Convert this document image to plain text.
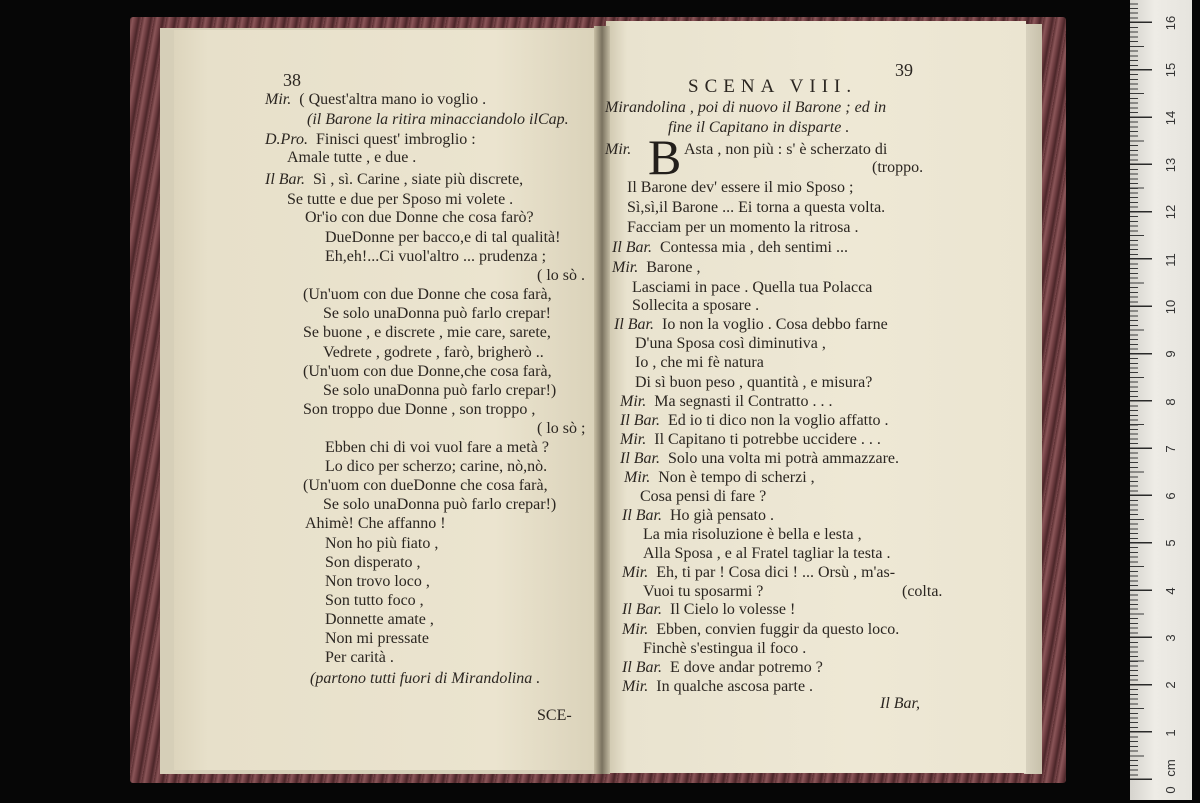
38
Mir. ( Quest'altra mano io voglio .
(il Barone la ritira minacciandolo ilCap.
D.Pro. Finisci quest' imbroglio :
Amale tutte , e due .
Il Bar. Sì , sì. Carine , siate più discrete,
Se tutte e due per Sposo mi volete .
Or'io con due Donne che cosa farò?
DueDonne per bacco,e di tal qualità!
Eh,eh!...Ci vuol'altro ... prudenza ;
( lo sò .
(Un'uom con due Donne che cosa farà,
Se solo unaDonna può farlo crepar!
Se buone , e discrete , mie care, sarete,
Vedrete , godrete , farò, brigherò ..
(Un'uom con due Donne,che cosa farà,
Se solo unaDonna può farlo crepar!)
Son troppo due Donne , son troppo ,
( lo sò ;
Ebben chi di voi vuol fare a metà ?
Lo dico per scherzo; carine, nò,nò.
(Un'uom con dueDonne che cosa farà,
Se solo unaDonna può farlo crepar!)
Ahimè! Che affanno !
Non ho più fiato ,
Son disperato ,
Non trovo loco ,
Son tutto foco ,
Donnette amate ,
Non mi pressate
Per carità .
(partono tutti fuori di Mirandolina .
SCE-
39
SCENA VIII.
Mirandolina , poi di nuovo il Barone ; ed in
fine il Capitano in disparte .
Mir. B Asta , non più : s' è scherzato di
(troppo.
Il Barone dev' essere il mio Sposo ;
Sì,sì,il Barone ... Ei torna a questa volta.
Facciam per un momento la ritrosa .
Il Bar. Contessa mia , deh sentimi ...
Mir. Barone ,
Lasciami in pace . Quella tua Polacca
Sollecita a sposare .
Il Bar. Io non la voglio . Cosa debbo farne
D'una Sposa così diminutiva ,
Io , che mi fè natura
Di sì buon peso , quantità , e misura?
Mir. Ma segnasti il Contratto . . .
Il Bar. Ed io ti dico non la voglio affatto .
Mir. Il Capitano ti potrebbe uccidere . . .
Il Bar. Solo una volta mi potrà ammazzare.
Mir. Non è tempo di scherzi ,
Cosa pensi di fare ?
Il Bar. Ho già pensato .
La mia risoluzione è bella e lesta ,
Alla Sposa , e al Fratel tagliar la testa .
Mir. Eh, ti par ! Cosa dici ! ... Orsù , m'as-
Vuoi tu sposarmi ?	(colta.
Il Bar. Il Cielo lo volesse !
Mir. Ebben, convien fuggir da questo loco.
Finchè s'estingua il foco .
Il Bar. E dove andar potremo ?
Mir. In qualche ascosa parte .
Il Bar,
16
15
14
13
12
11
10
9
8
7
6
5
4
3
2
1
cm
0
